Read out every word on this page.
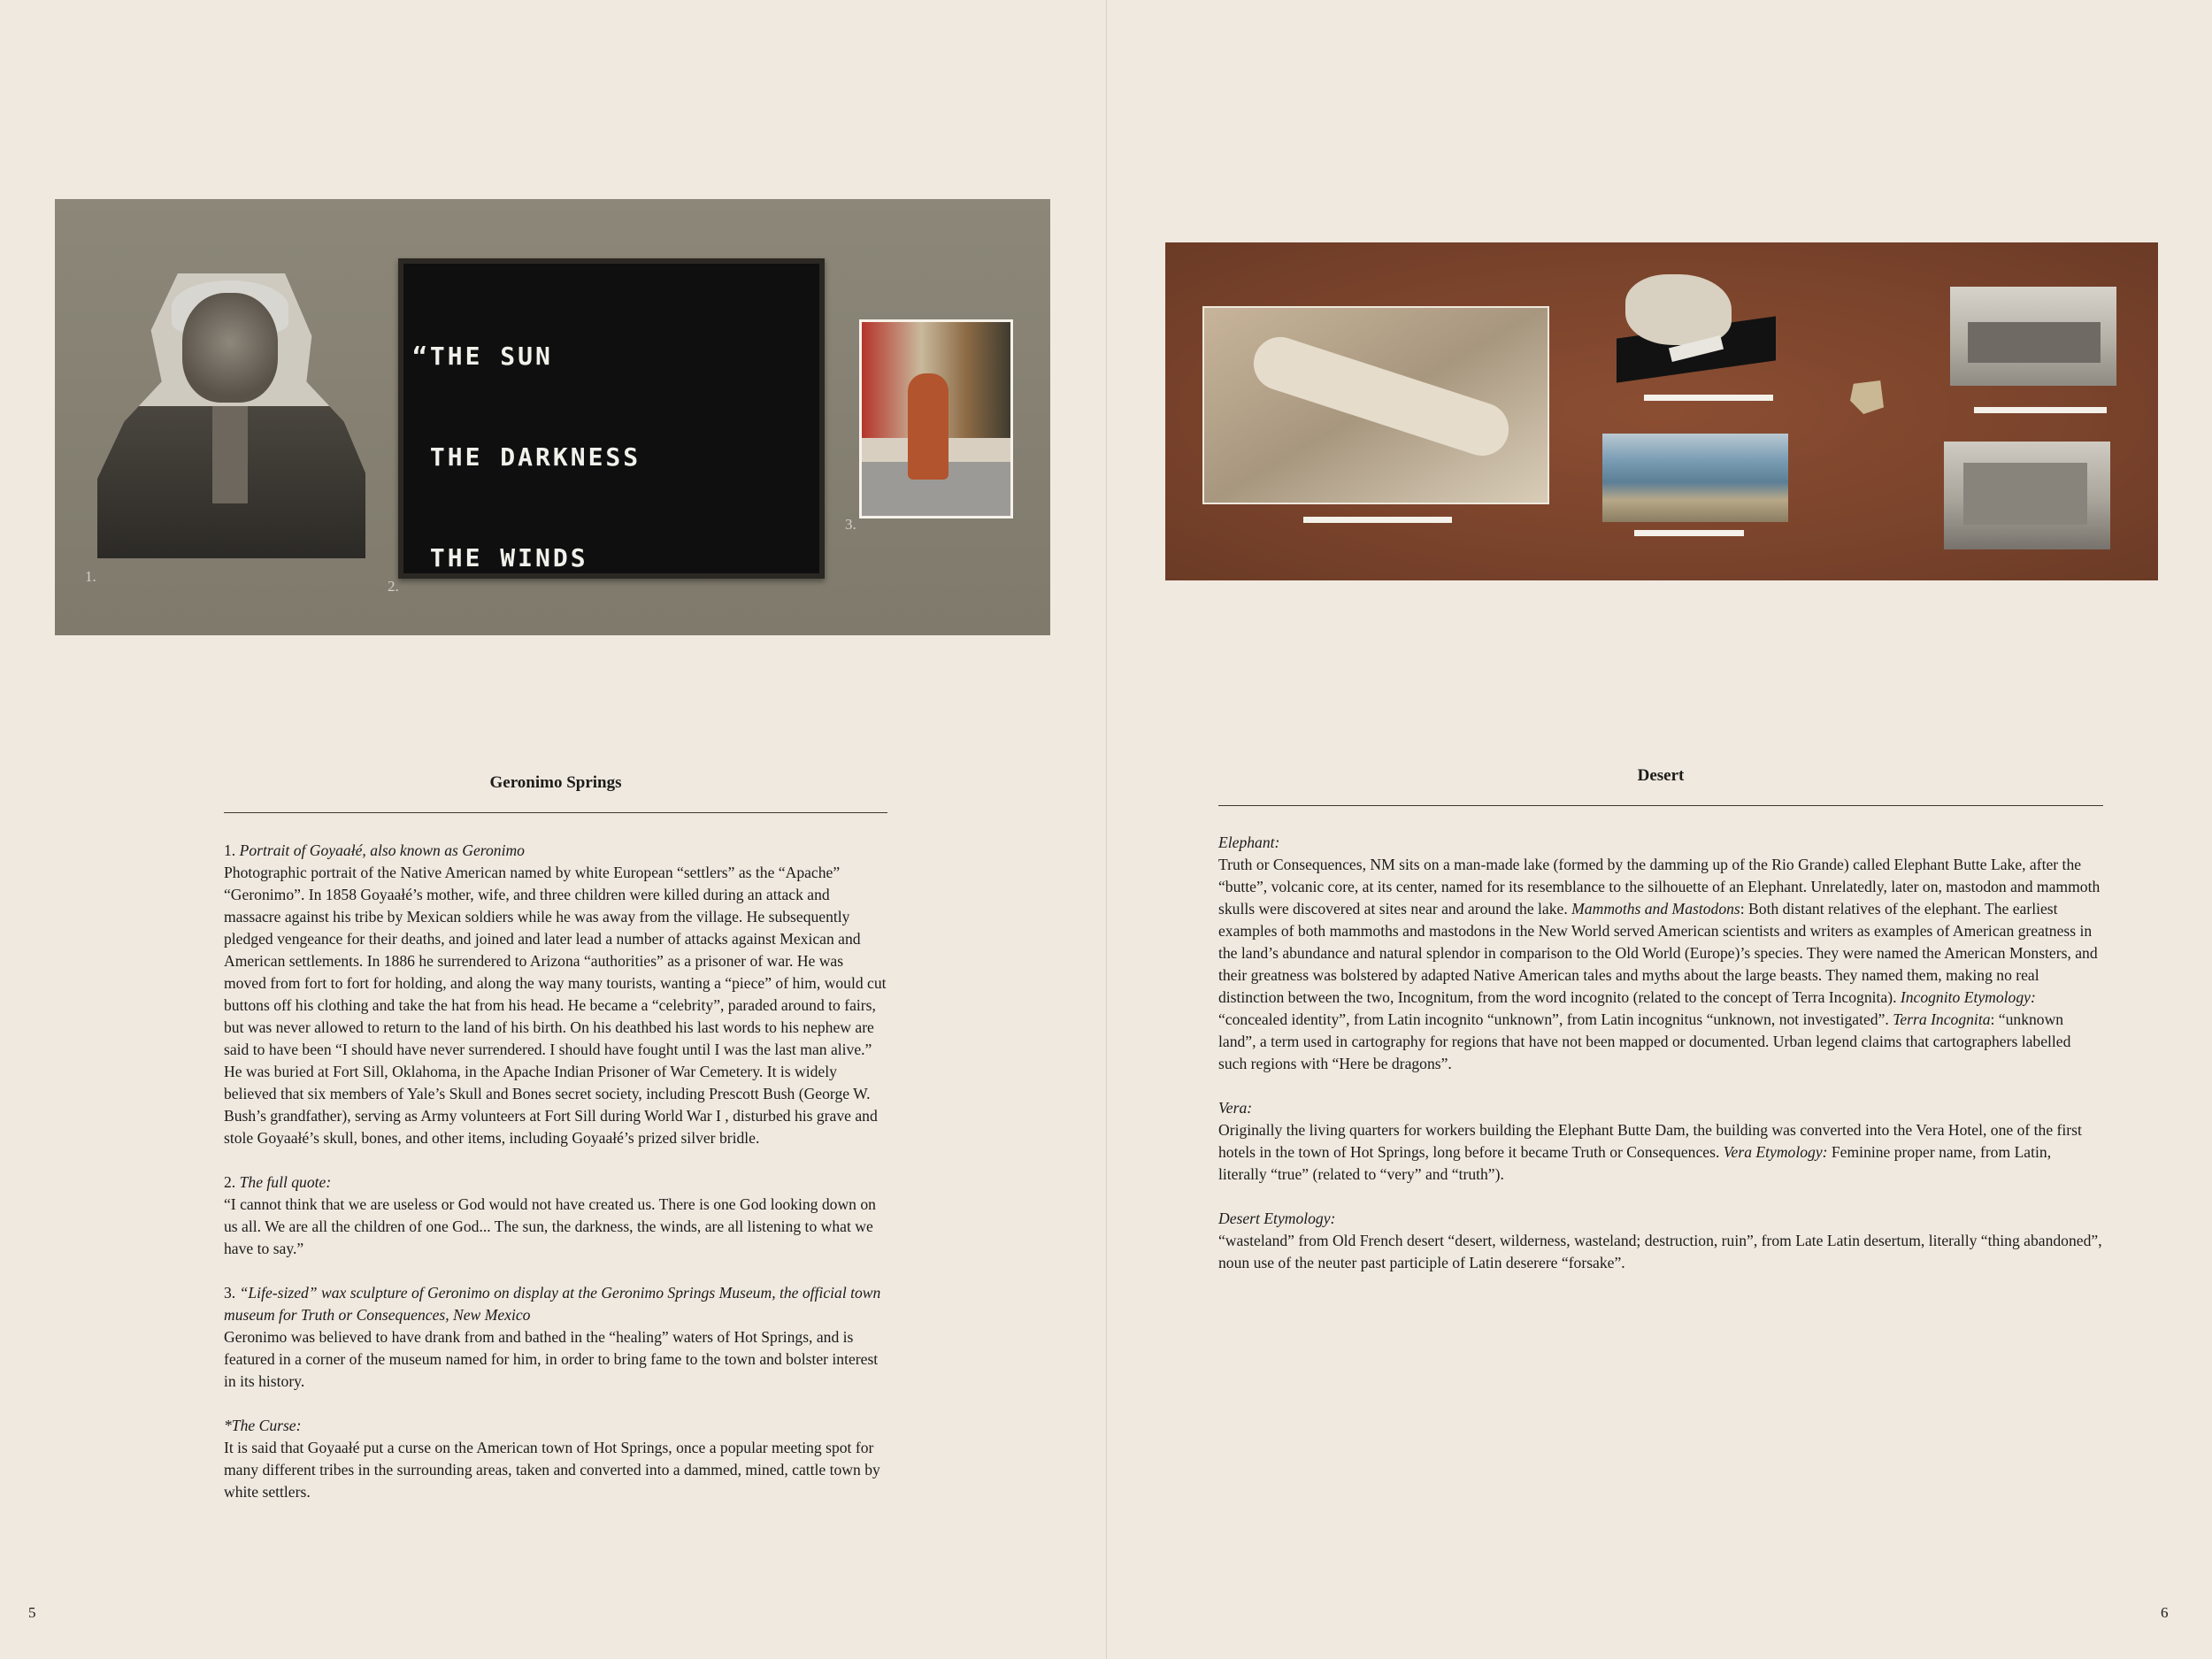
“THE SUN

THE DARKNESS

THE WINDS

1.
2.
3.
Geronimo Springs

1. Portrait of Goyaałé, also known as Geronimo

Photographic portrait of the Native American named by white European “settlers” as the “Apache” “Geronimo”. In 1858 Goyaałé’s mother, wife, and three children were killed during an attack and massacre against his tribe by Mexican soldiers while he was away from the village. He subsequently pledged vengeance for their deaths, and joined and later lead a number of attacks against Mexican and American settlements. In 1886 he surrendered to Arizona “authorities” as a prisoner of war. He was moved from fort to fort for holding, and along the way many tourists, wanting a “piece” of him, would cut buttons off his clothing and take the hat from his head. He became a “celebrity”, paraded around to fairs, but was never allowed to return to the land of his birth. On his deathbed his last words to his nephew are said to have been “I should have never surrendered. I should have fought until I was the last man alive.” He was buried at Fort Sill, Oklahoma, in the Apache Indian Prisoner of War Cemetery. It is widely believed that six members of Yale’s Skull and Bones secret society, including Prescott Bush (George W. Bush’s grandfather), serving as Army volunteers at Fort Sill during World War I , disturbed his grave and stole Goyaałé’s skull, bones, and other items, including Goyaałé’s prized silver bridle.

2. The full quote:

“I cannot think that we are useless or God would not have created us. There is one God looking down on us all. We are all the children of one God... The sun, the darkness, the winds, are all listening to what we have to say.”

3. “Life-sized” wax sculpture of Geronimo on display at the Geronimo Springs Museum, the official town museum for Truth or Consequences, New Mexico

Geronimo was believed to have drank from and bathed in the “healing” waters of Hot Springs, and is featured in a corner of the museum named for him, in order to bring fame to the town and bolster interest in its history.

*The Curse:

It is said that Goyaałé put a curse on the American town of Hot Springs, once a popular meeting spot for many different tribes in the surrounding areas, taken and converted into a dammed, mined, cattle town by white settlers.

5
Desert

Elephant:

Truth or Consequences, NM sits on a man-made lake (formed by the damming up of the Rio Grande) called Elephant Butte Lake, after the “butte”, volcanic core, at its center, named for its resemblance to the silhouette of an Elephant. Unrelatedly, later on, mastodon and mammoth skulls were discovered at sites near and around the lake. Mammoths and Mastodons: Both distant relatives of the elephant. The earliest examples of both mammoths and mastodons in the New World served American scientists and writers as examples of American greatness in the land’s abundance and natural splendor in comparison to the Old World (Europe)’s species. They were named the American Monsters, and their greatness was bolstered by adapted Native American tales and myths about the large beasts. They named them, making no real distinction between the two, Incognitum, from the word incognito (related to the concept of Terra Incognita). Incognito Etymology: “concealed identity”, from Latin incognito “unknown”, from Latin incognitus “unknown, not investigated”. Terra Incognita: “unknown land”, a term used in cartography for regions that have not been mapped or documented. Urban legend claims that cartographers labelled such regions with “Here be dragons”.

Vera:

Originally the living quarters for workers building the Elephant Butte Dam, the building was converted into the Vera Hotel, one of the first hotels in the town of Hot Springs, long before it became Truth or Consequences. Vera Etymology: Feminine proper name, from Latin, literally “true” (related to “very” and “truth”).

Desert Etymology:

“wasteland” from Old French desert “desert, wilderness, wasteland; destruction, ruin”, from Late Latin desertum, literally “thing abandoned”, noun use of the neuter past participle of Latin deserere “forsake”.

6
